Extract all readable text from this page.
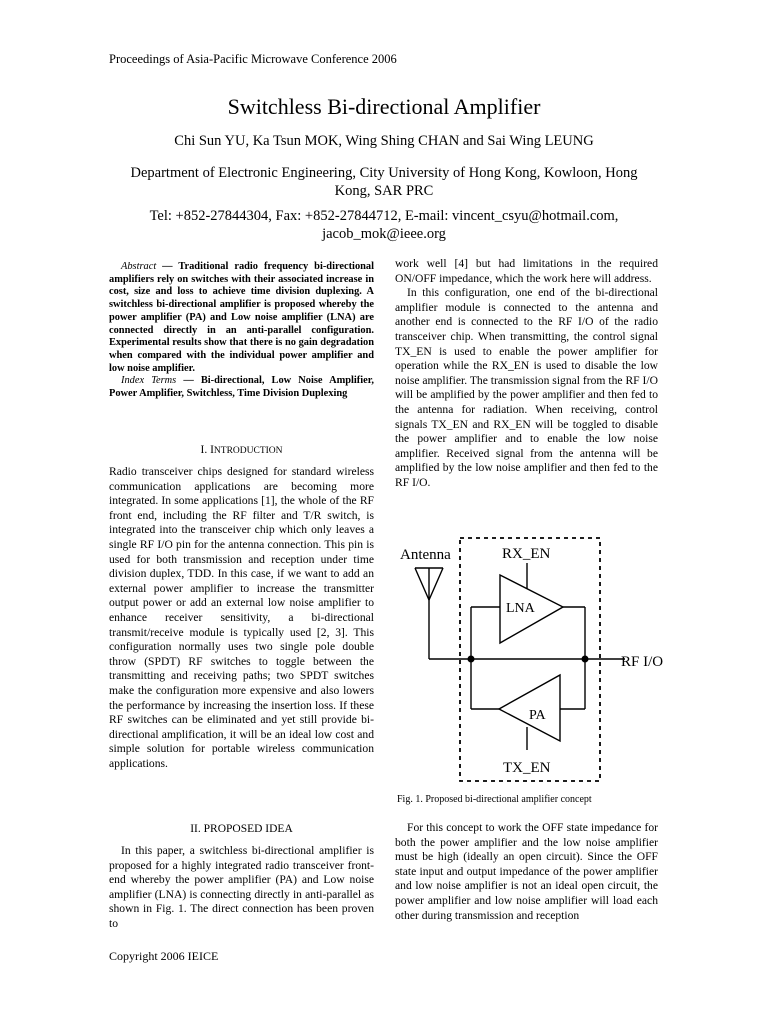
Proceedings of Asia-Pacific Microwave Conference 2006
Switchless Bi-directional Amplifier
Chi Sun YU, Ka Tsun MOK, Wing Shing CHAN and Sai Wing LEUNG
Department of Electronic Engineering, City University of Hong Kong, Kowloon, Hong Kong, SAR PRC
Tel: +852-27844304, Fax: +852-27844712, E-mail: vincent_csyu@hotmail.com, jacob_mok@ieee.org

Abstract — Traditional radio frequency bi-directional amplifiers rely on switches with their associated increase in cost, size and loss to achieve time division duplexing. A switchless bi-directional amplifier is proposed whereby the power amplifier (PA) and Low noise amplifier (LNA) are connected directly in an anti-parallel configuration. Experimental results show that there is no gain degradation when compared with the individual power amplifier and low noise amplifier.

Index Terms — Bi-directional, Low Noise Amplifier, Power Amplifier, Switchless, Time Division Duplexing

I. INTRODUCTION

Radio transceiver chips designed for standard wireless communication applications are becoming more integrated. In some applications [1], the whole of the RF front end, including the RF filter and T/R switch, is integrated into the transceiver chip which only leaves a single RF I/O pin for the antenna connection. This pin is used for both transmission and reception under time division duplex, TDD. In this case, if we want to add an external power amplifier to increase the transmitter output power or add an external low noise amplifier to enhance receiver sensitivity, a bi-directional transmit/receive module is typically used [2, 3]. This configuration normally uses two single pole double throw (SPDT) RF switches to toggle between the transmitting and receiving paths; two SPDT switches make the configuration more expensive and also lowers the performance by increasing the insertion loss. If these RF switches can be eliminated and yet still provide bi-directional amplification, it will be an ideal low cost and simple solution for portable wireless communication applications.

II. PROPOSED IDEA

In this paper, a switchless bi-directional amplifier is proposed for a highly integrated radio transceiver front-end whereby the power amplifier (PA) and Low noise amplifier (LNA) is connecting directly in anti-parallel as shown in Fig. 1. The direct connection has been proven to

work well [4] but had limitations in the required ON/OFF impedance, which the work here will address.

In this configuration, one end of the bi-directional amplifier module is connected to the antenna and another end is connected to the RF I/O of the radio transceiver chip. When transmitting, the control signal TX_EN is used to enable the power amplifier for operation while the RX_EN is used to disable the low noise amplifier. The transmission signal from the RF I/O will be amplified by the power amplifier and then fed to the antenna for radiation. When receiving, control signals TX_EN and RX_EN will be toggled to disable the power amplifier and to enable the low noise amplifier. Received signal from the antenna will be amplified by the low noise amplifier and then fed to the RF I/O.

Antenna
LNA
PA
RX_EN
TX_EN
RF I/O
Fig. 1. Proposed bi-directional amplifier concept

For this concept to work the OFF state impedance for both the power amplifier and the low noise amplifier must be high (ideally an open circuit). Since the OFF state input and output impedance of the power amplifier and low noise amplifier is not an ideal open circuit, the power amplifier and low noise amplifier will load each other during transmission and reception

Copyright 2006 IEICE
